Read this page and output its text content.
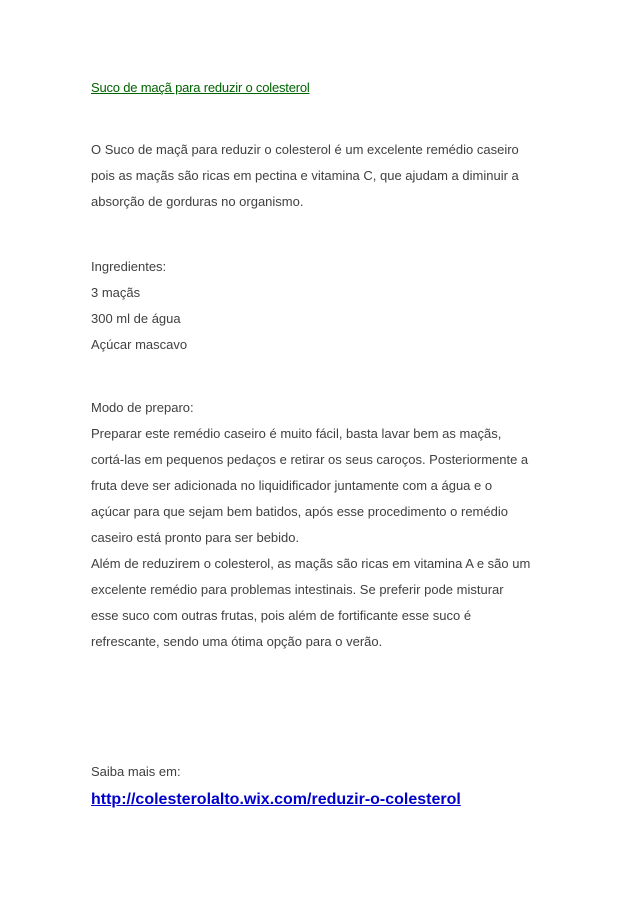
Suco de maçã para reduzir o colesterol
O Suco de maçã para reduzir o colesterol é um excelente remédio caseiro
pois as maçãs são ricas em pectina e vitamina C, que ajudam a diminuir a
absorção de gorduras no organismo.
Ingredientes:
3 maçãs
300 ml de água
Açúcar mascavo
Modo de preparo:
Preparar este remédio caseiro é muito fácil, basta lavar bem as maçãs,
cortá-las em pequenos pedaços e retirar os seus caroços. Posteriormente a
fruta deve ser adicionada no liquidificador juntamente com a água e o
açúcar para que sejam bem batidos, após esse procedimento o remédio
caseiro está pronto para ser bebido.
Além de reduzirem o colesterol, as maçãs são ricas em vitamina A e são um
excelente remédio para problemas intestinais. Se preferir pode misturar
esse suco com outras frutas, pois além de fortificante esse suco é
refrescante, sendo uma ótima opção para o verão.
Saiba mais em:
http://colesterolalto.wix.com/reduzir-o-colesterol
